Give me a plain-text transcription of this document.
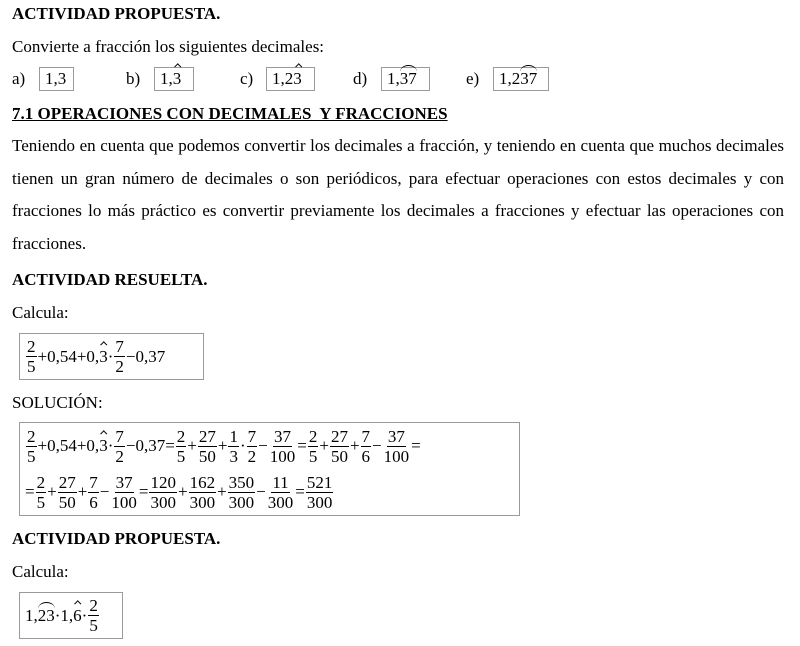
ACTIVIDAD PROPUESTA.
Convierte a fracción los siguientes decimales:
a) 1, 3	b) 1, 3	c) 1,2 3	d) 1, 37	e) 1,2 37
7.1 OPERACIONES CON DECIMALES  Y FRACCIONES

Teniendo en cuenta que podemos convertir los decimales a fracción, y teniendo en cuenta que muchos decimales tienen un gran número de decimales o son periódicos, para efectuar operaciones con estos decimales y con fracciones lo más práctico es convertir previamente los decimales a fracciones y efectuar las operaciones con fracciones.

ACTIVIDAD RESUELTA.
Calcula:
$\frac{2}{5} +0,54+0$, $3 \cdot \frac{7}{2} -0,37$
SOLUCIÓN:
$\frac{2}{5} +0,54+0$, $3 \cdot \frac{7}{2} -0,37= \frac{2}{5} + \frac{27}{50} + \frac{1}{3} \cdot \frac{7}{2} - \frac{37}{100} = \frac{2}{5} + \frac{27}{50} + \frac{7}{6} - \frac{37}{100}$ =
= $\frac{2}{5} + \frac{27}{50} + \frac{7}{6} - \frac{37}{100} = \frac{120}{300} + \frac{162}{300} + \frac{350}{300} - \frac{11}{300} = \frac{521}{300}$
ACTIVIDAD PROPUESTA.
Calcula:
1, 23 · 1, $6 \cdot \frac{2}{5}$
